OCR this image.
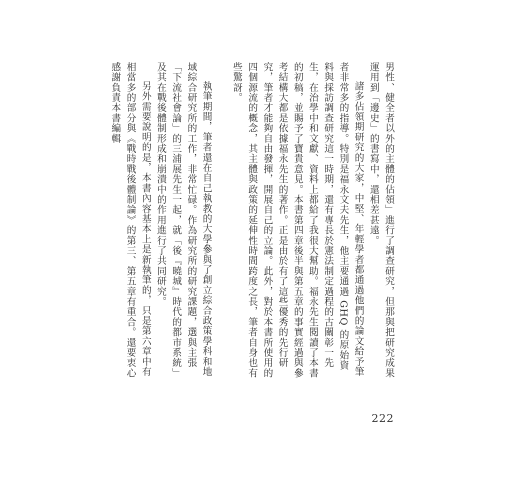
男性、健全者以外的主體的佔領」進行了調查研究，但那與把研究成果運用到「邊史」的書寫中，還相差甚遠。

諸多佔領期研究的大家，中堅、年輕學者都通過他們的論文給予筆者非常多的指導。特別是福永文夫先生，他主要通過 GHQ 的原始資料與採訪調查研究這一時期，還有專長於憲法制定過程的古關彰一先生，在治學中和文獻、資料上都給了我很大幫助。福永先生閱讀了本書的初稿，並賜予了寶貴意見。本書第四章後半與第五章的事實經過與參考結構大都是依據福永先生的著作。正是由於有了這些優秀的先行研究，筆者才能夠自由發揮，開展自己的立論。此外，對於本書所使用的四個源流的概念，其主體與政策的延伸性時間跨度之長，筆者自身也有些驚訝。

執筆期間，筆者還在自己執教的大學參與了創立綜合政策學科和地域綜合研究所的工作，非常忙碌。作為研究所的研究課題，選與主張「下流社會論」的三浦展先生一起，就「後『曉城』時代的都市系統」及其在戰後體制形成和崩潰中的作用進行了共同研究。

另外需要說明的是，本書內容基本上是新執筆的，只是第六章中有相當多的部分與《戰時戰後體制論》的第三、第五章有重合。還要衷心感謝負責本書編輯

222
